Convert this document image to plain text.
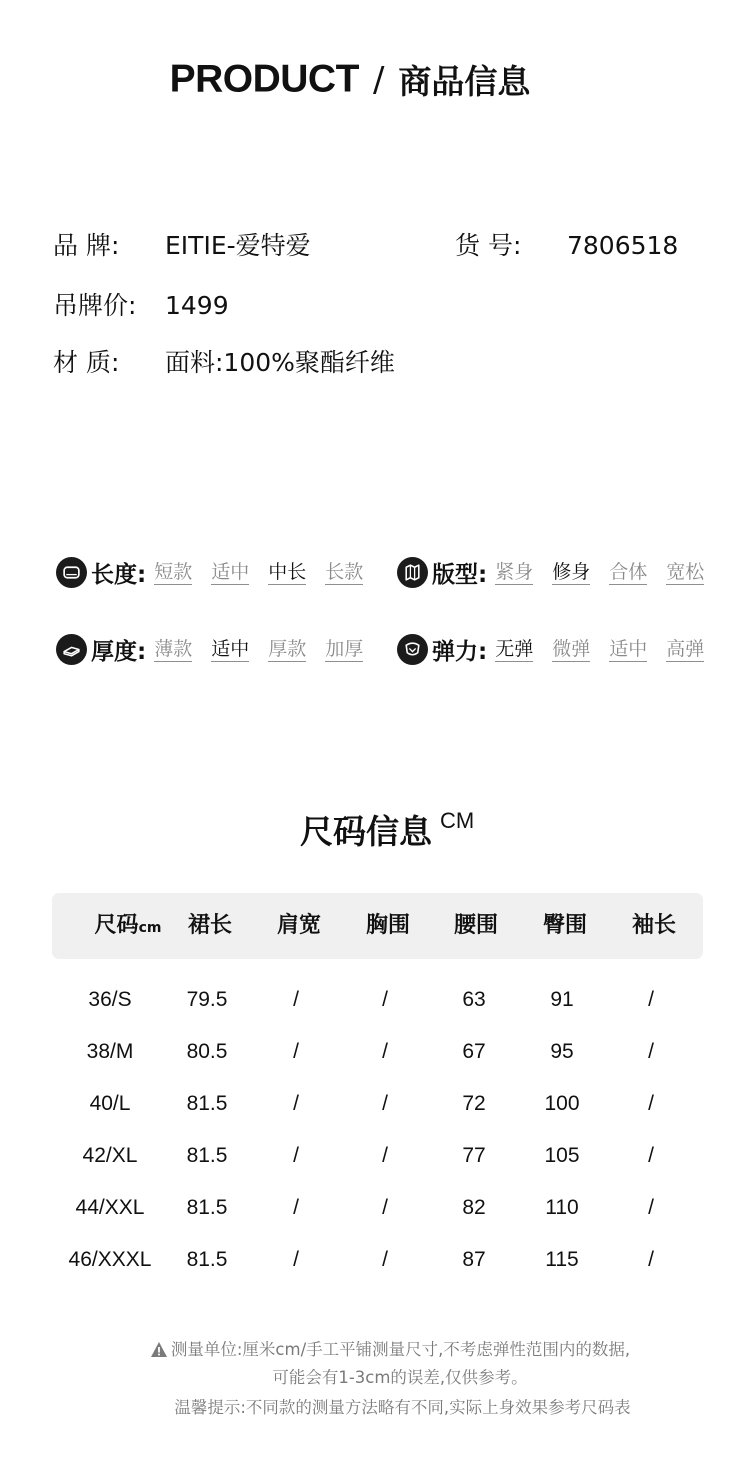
PRODUCT / 商品信息
品 牌: EITIE-爱特爱	货 号: 7806518
吊牌价: 1499
材 质: 面料:100%聚酯纤维
长度: 短款 适中 中长 长款	版型: 紧身 修身 合体 宽松
厚度: 薄款 适中 厚款 加厚	弹力: 无弹 微弹 适中 高弹
尺码信息 CM
尺码cm	裙长	肩宽	胸围	腰围	臀围	袖长
36/S	79.5	/	/	63	91	/
38/M	80.5	/	/	67	95	/
40/L	81.5	/	/	72	100	/
42/XL	81.5	/	/	77	105	/
44/XXL	81.5	/	/	82	110	/
46/XXXL	81.5	/	/	87	115	/
测量单位:厘米cm/手工平铺测量尺寸,不考虑弹性范围内的数据,
可能会有1-3cm的误差,仅供参考。
温馨提示:不同款的测量方法略有不同,实际上身效果参考尺码表
